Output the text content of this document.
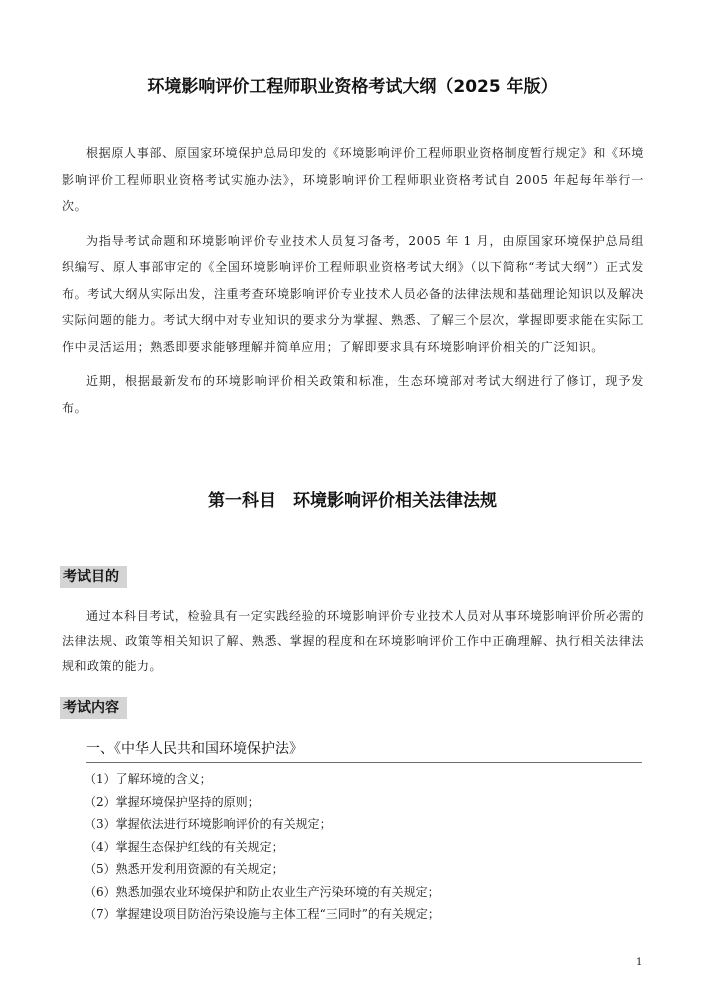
环境影响评价工程师职业资格考试大纲（2025 年版）

根据原人事部、原国家环境保护总局印发的《环境影响评价工程师职业资格制度暂行规定》和《环境影响评价工程师职业资格考试实施办法》，环境影响评价工程师职业资格考试自 2005 年起每年举行一次。

为指导考试命题和环境影响评价专业技术人员复习备考，2005 年 1 月，由原国家环境保护总局组织编写、原人事部审定的《全国环境影响评价工程师职业资格考试大纲》（以下简称“考试大纲”）正式发布。考试大纲从实际出发，注重考查环境影响评价专业技术人员必备的法律法规和基础理论知识以及解决实际问题的能力。考试大纲中对专业知识的要求分为掌握、熟悉、了解三个层次，掌握即要求能在实际工作中灵活运用；熟悉即要求能够理解并简单应用；了解即要求具有环境影响评价相关的广泛知识。

近期，根据最新发布的环境影响评价相关政策和标准，生态环境部对考试大纲进行了修订，现予发布。

第一科目　环境影响评价相关法律法规
考试目的

通过本科目考试，检验具有一定实践经验的环境影响评价专业技术人员对从事环境影响评价所必需的法律法规、政策等相关知识了解、熟悉、掌握的程度和在环境影响评价工作中正确理解、执行相关法律法规和政策的能力。

考试内容
一、《中华人民共和国环境保护法》
（1）了解环境的含义；
（2）掌握环境保护坚持的原则；
（3）掌握依法进行环境影响评价的有关规定；
（4）掌握生态保护红线的有关规定；
（5）熟悉开发利用资源的有关规定；
（6）熟悉加强农业环境保护和防止农业生产污染环境的有关规定；
（7）掌握建设项目防治污染设施与主体工程“三同时”的有关规定；
1
